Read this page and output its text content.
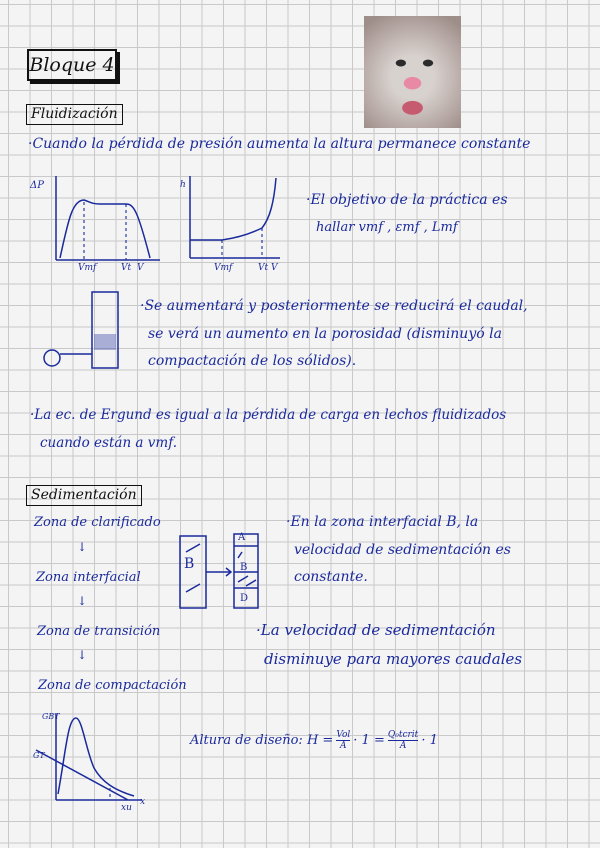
Bloque 4
Fluidización
·Cuando la pérdida de presión aumenta la altura permanece constante
ΔP
Vmf	Vt V
h
Vmf	Vt V
·El objetivo de la práctica es
hallar vmf , εmf , Lmf
·Se aumentará y posteriormente se reducirá el caudal,
se verá un aumento en la porosidad (disminuyó la
compactación de los sólidos).
·La ec. de Ergund es igual a la pérdida de carga en lechos fluidizados
cuando están a vmf.
Sedimentación
Zona de clarificado
↓
Zona interfacial
↓
Zona de transición
↓
Zona de compactación
B
A
B
D
·En la zona interfacial B, la
velocidad de sedimentación es
constante.
·La velocidad de sedimentación
disminuye para mayores caudales
GBT
GT
xu
x
Altura de diseño: H = Vol
A · 1 = Q₀tcrit
A · 1
